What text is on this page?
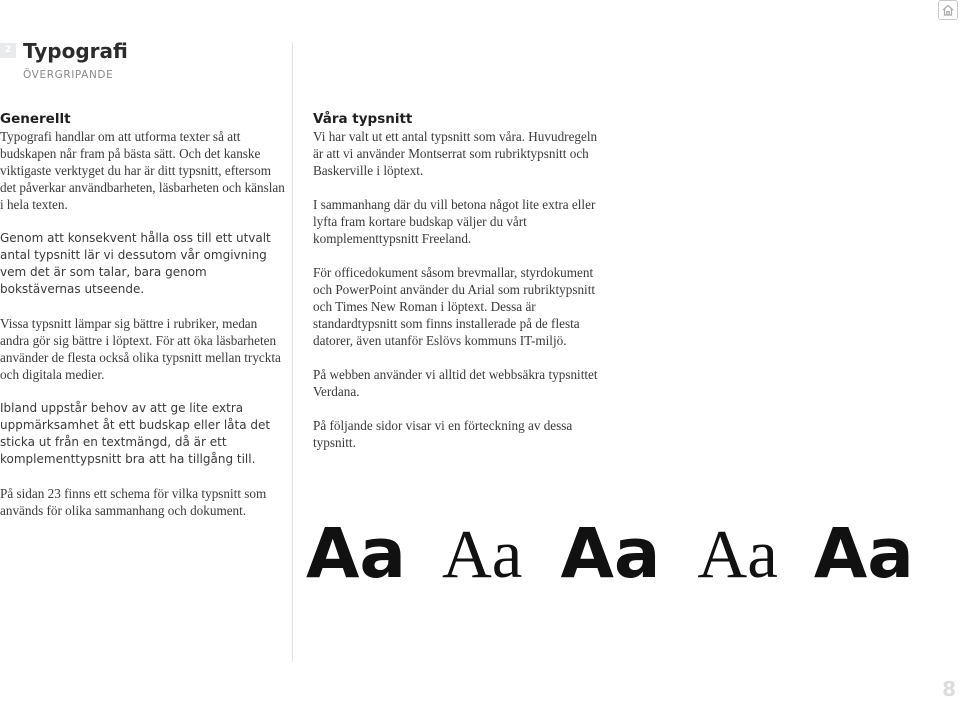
2 Typografi
ÖVERGRIPANDE
Generellt

Typografi handlar om att utforma texter så att budskapen når fram på bästa sätt. Och det kanske viktigaste verktyget du har är ditt typsnitt, eftersom det påverkar användbarheten, läsbarheten och känslan i hela texten.

Genom att konsekvent hålla oss till ett utvalt antal typsnitt lär vi dessutom vår omgivning vem det är som talar, bara genom bokstävernas utseende.

Vissa typsnitt lämpar sig bättre i rubriker, medan andra gör sig bättre i löptext. För att öka läsbarheten använder de flesta också olika typsnitt mellan tryckta och digitala medier.

Ibland uppstår behov av att ge lite extra uppmärksamhet åt ett budskap eller låta det sticka ut från en textmängd, då är ett komplementtypsnitt bra att ha tillgång till.

På sidan 23 finns ett schema för vilka typsnitt som används för olika sammanhang och dokument.

Våra typsnitt

Vi har valt ut ett antal typsnitt som våra. Huvudregeln är att vi använder Montserrat som rubriktypsnitt och Baskerville i löptext.

I sammanhang där du vill betona något lite extra eller lyfta fram kortare budskap väljer du vårt komplementtypsnitt Freeland.

För officedokument såsom brevmallar, styrdokument och PowerPoint använder du Arial som rubriktypsnitt och Times New Roman i löptext. Dessa är standardtypsnitt som finns installerade på de flesta datorer, även utanför Eslövs kommuns IT-miljö.

På webben använder vi alltid det webbsäkra typsnittet Verdana.

På följande sidor visar vi en förteckning av dessa typsnitt.

Aa Aa Aa Aa Aa
8
